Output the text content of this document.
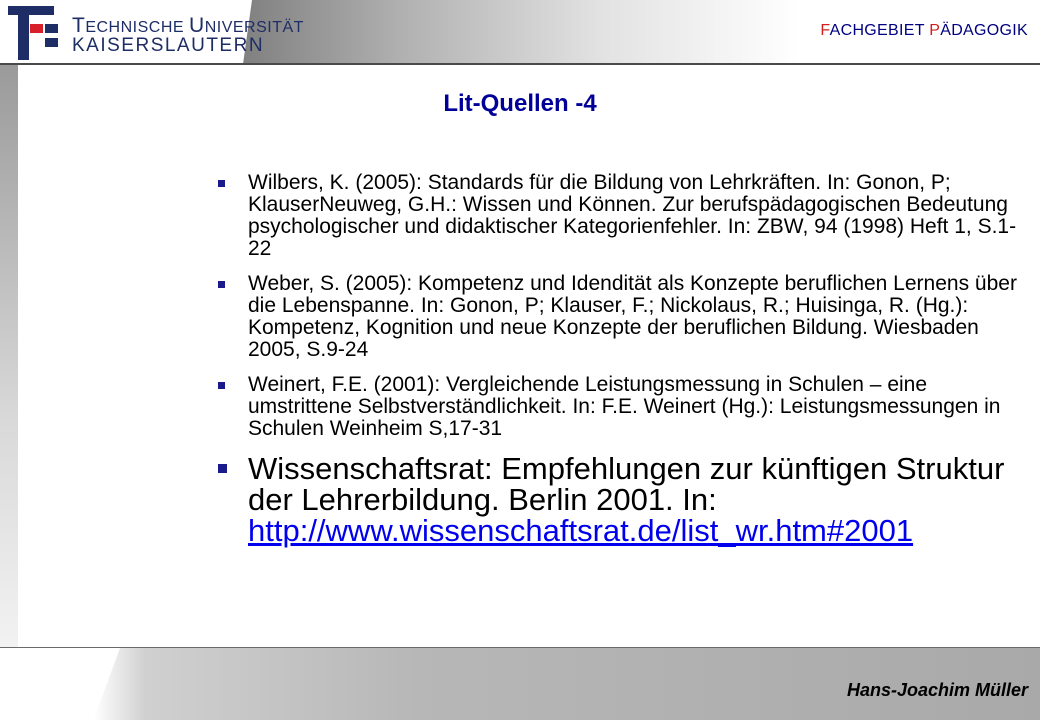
TECHNISCHE UNIVERSITÄT
KAISERSLAUTERN
FACHGEBIET PÄDAGOGIK
Lit-Quellen -4
Wilbers, K. (2005): Standards für die Bildung von Lehrkräften. In: Gonon, P; KlauserNeuweg, G.H.: Wissen und Können. Zur berufspädagogischen Bedeutung psychologischer und didaktischer Kategorienfehler. In: ZBW, 94 (1998) Heft 1, S.1-22
Weber, S. (2005): Kompetenz und Idendität als Konzepte beruflichen Lernens über die Lebenspanne. In: Gonon, P; Klauser, F.; Nickolaus, R.; Huisinga, R. (Hg.): Kompetenz, Kognition und neue Konzepte der beruflichen Bildung. Wiesbaden 2005, S.9-24
Weinert, F.E. (2001): Vergleichende Leistungsmessung in Schulen – eine umstrittene Selbstverständlichkeit. In: F.E. Weinert (Hg.): Leistungsmessungen in Schulen Weinheim S,17-31
Wissenschaftsrat: Empfehlungen zur künftigen Struktur der Lehrerbildung. Berlin 2001. In: http://www.wissenschaftsrat.de/list_wr.htm#2001
Hans-Joachim Müller
